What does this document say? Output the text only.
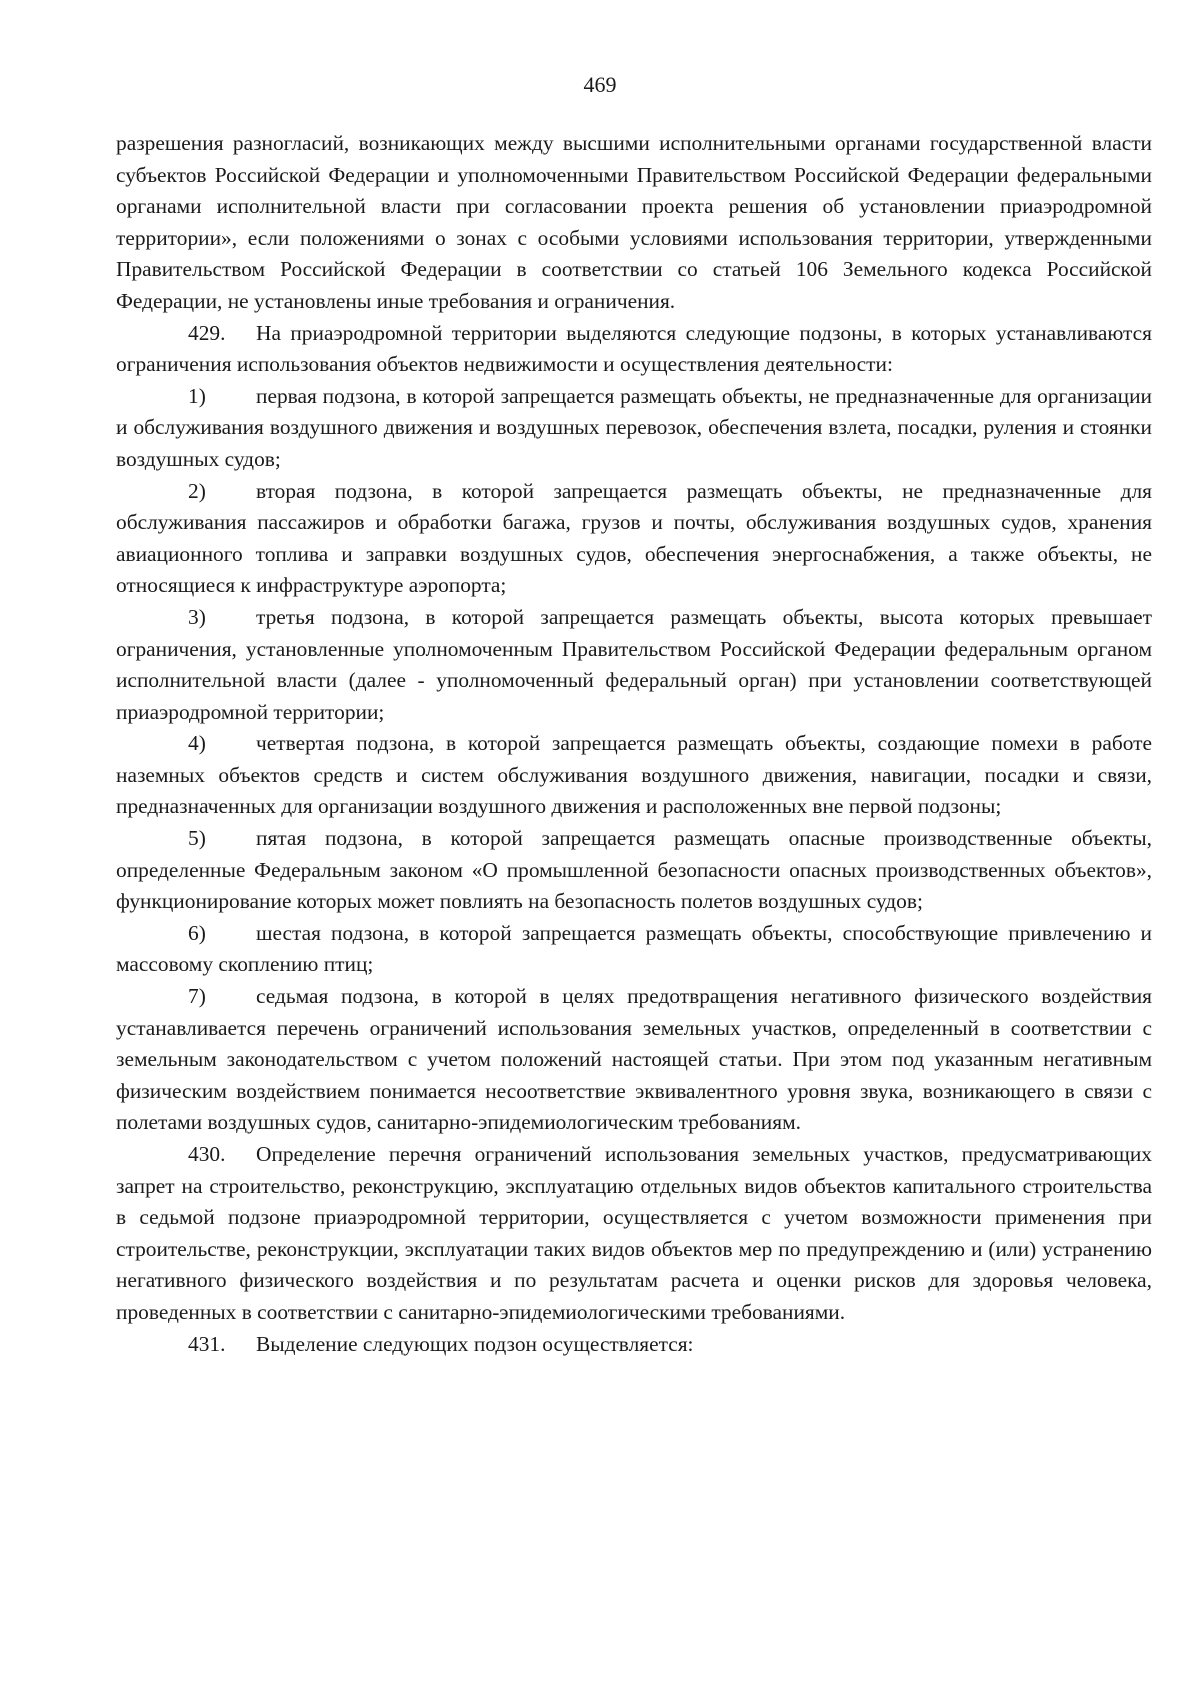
469

разрешения разногласий, возникающих между высшими исполнительными органами государственной власти субъектов Российской Федерации и уполномоченными Правительством Российской Федерации федеральными органами исполнительной власти при согласовании проекта решения об установлении приаэродромной территории», если положениями о зонах с особыми условиями использования территории, утвержденными Правительством Российской Федерации в соответствии со статьей 106 Земельного кодекса Российской Федерации, не установлены иные требования и ограничения.

429. На приаэродромной территории выделяются следующие подзоны, в которых устанавливаются ограничения использования объектов недвижимости и осуществления деятельности:

1) первая подзона, в которой запрещается размещать объекты, не предназначенные для организации и обслуживания воздушного движения и воздушных перевозок, обеспечения взлета, посадки, руления и стоянки воздушных судов;

2) вторая подзона, в которой запрещается размещать объекты, не предназначенные для обслуживания пассажиров и обработки багажа, грузов и почты, обслуживания воздушных судов, хранения авиационного топлива и заправки воздушных судов, обеспечения энергоснабжения, а также объекты, не относящиеся к инфраструктуре аэропорта;

3) третья подзона, в которой запрещается размещать объекты, высота которых превышает ограничения, установленные уполномоченным Правительством Российской Федерации федеральным органом исполнительной власти (далее - уполномоченный федеральный орган) при установлении соответствующей приаэродромной территории;

4) четвертая подзона, в которой запрещается размещать объекты, создающие помехи в работе наземных объектов средств и систем обслуживания воздушного движения, навигации, посадки и связи, предназначенных для организации воздушного движения и расположенных вне первой подзоны;

5) пятая подзона, в которой запрещается размещать опасные производственные объекты, определенные Федеральным законом «О промышленной безопасности опасных производственных объектов», функционирование которых может повлиять на безопасность полетов воздушных судов;

6) шестая подзона, в которой запрещается размещать объекты, способствующие привлечению и массовому скоплению птиц;

7) седьмая подзона, в которой в целях предотвращения негативного физического воздействия устанавливается перечень ограничений использования земельных участков, определенный в соответствии с земельным законодательством с учетом положений настоящей статьи. При этом под указанным негативным физическим воздействием понимается несоответствие эквивалентного уровня звука, возникающего в связи с полетами воздушных судов, санитарно-эпидемиологическим требованиям.

430. Определение перечня ограничений использования земельных участков, предусматривающих запрет на строительство, реконструкцию, эксплуатацию отдельных видов объектов капитального строительства в седьмой подзоне приаэродромной территории, осуществляется с учетом возможности применения при строительстве, реконструкции, эксплуатации таких видов объектов мер по предупреждению и (или) устранению негативного физического воздействия и по результатам расчета и оценки рисков для здоровья человека, проведенных в соответствии с санитарно-эпидемиологическими требованиями.

431. Выделение следующих подзон осуществляется:
